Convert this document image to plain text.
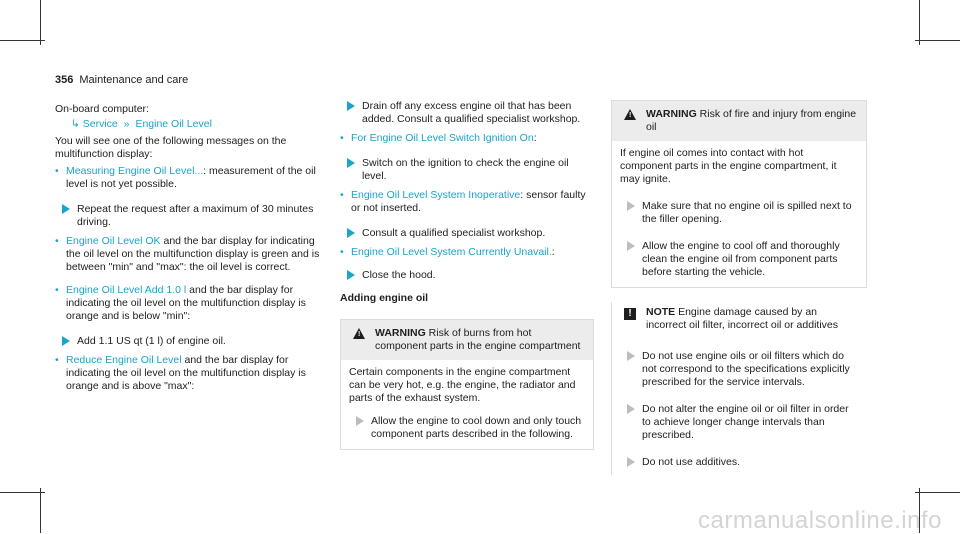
356 Maintenance and care
On-board computer:
↳ Service » Engine Oil Level
You will see one of the following messages on the multifunction display:
• Measuring Engine Oil Level...: measurement of the oil level is not yet possible.
Repeat the request after a maximum of 30 minutes driving.
• Engine Oil Level OK and the bar display for indicating the oil level on the multifunction display is green and is between "min" and "max": the oil level is correct.
• Engine Oil Level Add 1.0 l and the bar display for indicating the oil level on the multifunction display is orange and is below "min":
Add 1.1 US qt (1 l) of engine oil.
• Reduce Engine Oil Level and the bar display for indicating the oil level on the multifunction display is orange and is above "max":
Drain off any excess engine oil that has been added. Consult a qualified specialist workshop.
• For Engine Oil Level Switch Ignition On:
Switch on the ignition to check the engine oil level.
• Engine Oil Level System Inoperative: sensor faulty or not inserted.
Consult a qualified specialist workshop.
• Engine Oil Level System Currently Unavail.:
Close the hood.
Adding engine oil
! WARNING Risk of burns from hot component parts in the engine compartment
Certain components in the engine compartment can be very hot, e.g. the engine, the radiator and parts of the exhaust system.
Allow the engine to cool down and only touch component parts described in the following.
! WARNING Risk of fire and injury from engine oil
If engine oil comes into contact with hot component parts in the engine compartment, it may ignite.
Make sure that no engine oil is spilled next to the filler opening.
Allow the engine to cool off and thoroughly clean the engine oil from component parts before starting the vehicle.
!	NOTE Engine damage caused by an incorrect oil filter, incorrect oil or additives
Do not use engine oils or oil filters which do not correspond to the specifications explicitly prescribed for the service intervals.
Do not alter the engine oil or oil filter in order to achieve longer change intervals than prescribed.
Do not use additives.
carmanualsonline.info
